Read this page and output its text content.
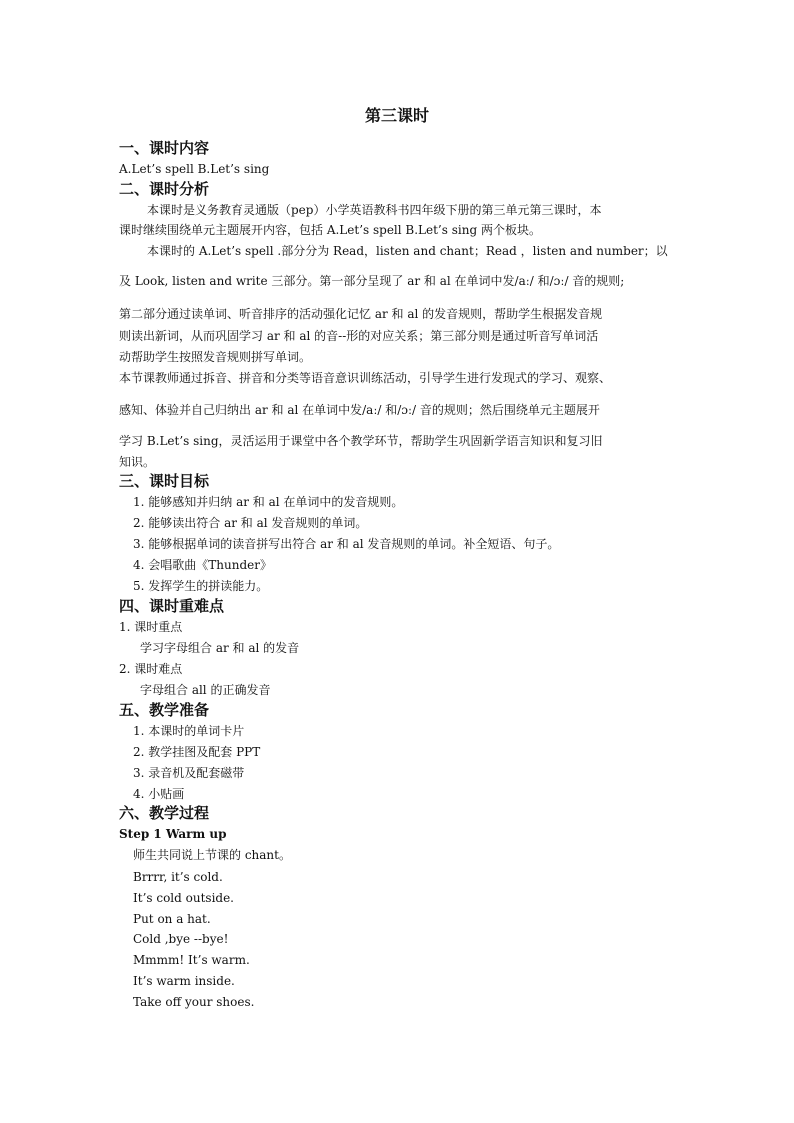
第三课时
一、课时内容
A.Let’s spell B.Let’s sing
二、课时分析
本课时是义务教育灵通版（pep）小学英语教科书四年级下册的第三单元第三课时，本
课时继续围绕单元主题展开内容，包括 A.Let’s spell B.Let’s sing 两个板块。
本课时的 A.Let’s spell .部分分为 Read，listen and chant；Read ，listen and number；以
及 Look, listen and write 三部分。第一部分呈现了 ar 和 al 在单词中发/aː/ 和/ɔː/ 音的规则;
第二部分通过读单词、听音排序的活动强化记忆 ar 和 al 的发音规则，帮助学生根据发音规
则读出新词，从而巩固学习 ar 和 al 的音--形的对应关系；第三部分则是通过听音写单词活
动帮助学生按照发音规则拼写单词。
本节课教师通过拆音、拼音和分类等语音意识训练活动，引导学生进行发现式的学习、观察、
感知、体验并自己归纳出 ar 和 al 在单词中发/aː/ 和/ɔː/ 音的规则；然后围绕单元主题展开
学习 B.Let’s sing，灵活运用于课堂中各个教学环节，帮助学生巩固新学语言知识和复习旧
知识。
三、课时目标
1. 能够感知并归纳 ar 和 al 在单词中的发音规则。
2. 能够读出符合 ar 和 al 发音规则的单词。
3. 能够根据单词的读音拼写出符合 ar 和 al 发音规则的单词。补全短语、句子。
4. 会唱歌曲《Thunder》
5. 发挥学生的拼读能力。
四、课时重难点
1. 课时重点
学习字母组合 ar 和 al 的发音
2. 课时难点
字母组合 all 的正确发音
五、教学准备
1. 本课时的单词卡片
2. 教学挂图及配套 PPT
3. 录音机及配套磁带
4. 小贴画
六、教学过程
Step 1 Warm up
师生共同说上节课的 chant。
Brrrr, it’s cold.
It’s cold outside.
Put on a hat.
Cold ,bye --bye!
Mmmm! It’s warm.
It’s warm inside.
Take off your shoes.
